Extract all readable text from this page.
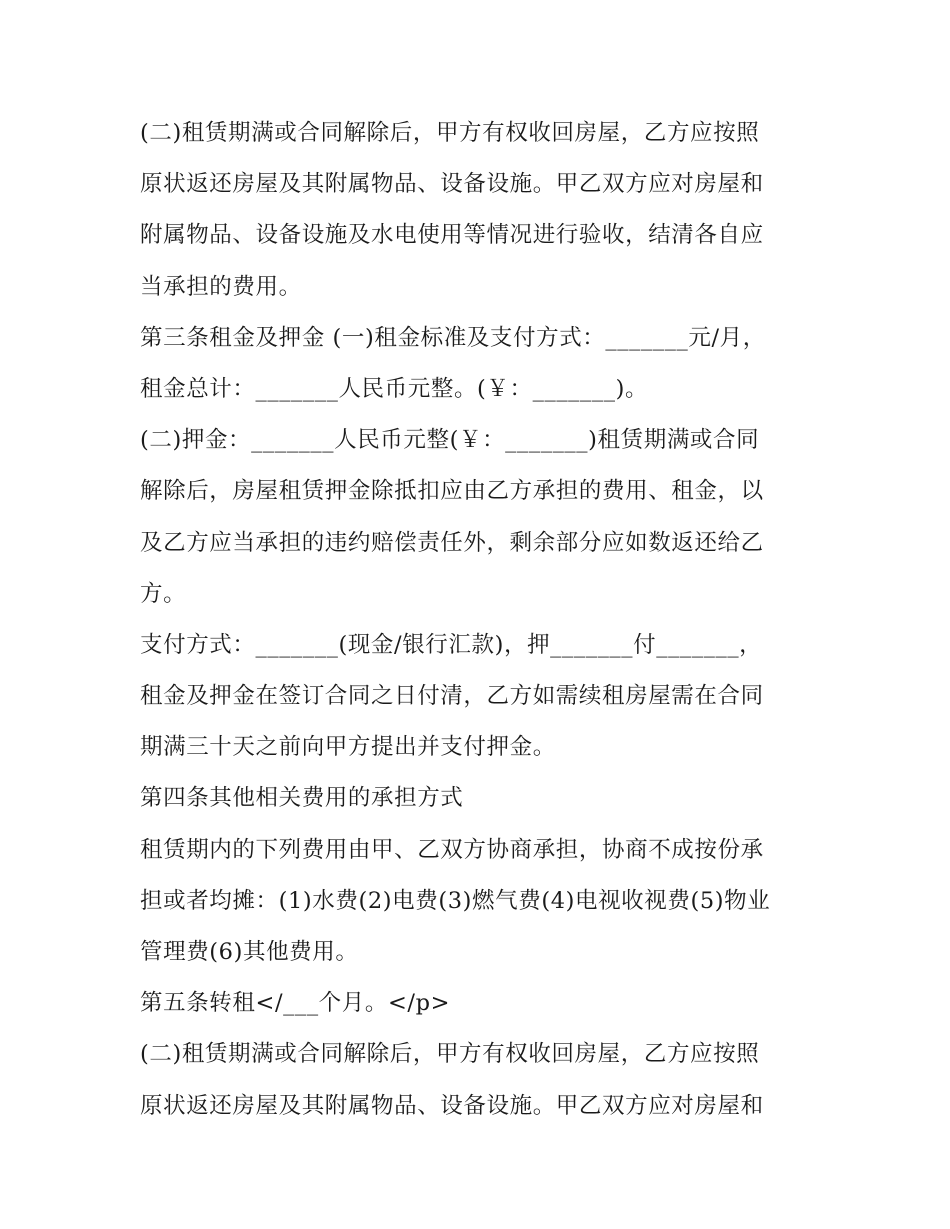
(二)租赁期满或合同解除后，甲方有权收回房屋，乙方应按照
原状返还房屋及其附属物品、设备设施。甲乙双方应对房屋和
附属物品、设备设施及水电使用等情况进行验收，结清各自应
当承担的费用。
第三条租金及押金 (一)租金标准及支付方式：_______元/月，
租金总计：_______人民币元整。(￥：_______)。
(二)押金：_______人民币元整(￥：_______)租赁期满或合同
解除后，房屋租赁押金除抵扣应由乙方承担的费用、租金，以
及乙方应当承担的违约赔偿责任外，剩余部分应如数返还给乙
方。
支付方式：_______(现金/银行汇款)，押_______付_______，
租金及押金在签订合同之日付清，乙方如需续租房屋需在合同
期满三十天之前向甲方提出并支付押金。
第四条其他相关费用的承担方式
租赁期内的下列费用由甲、乙双方协商承担，协商不成按份承
担或者均摊：(1)水费(2)电费(3)燃气费(4)电视收视费(5)物业
管理费(6)其他费用。
第五条转租</___个月。</p>
(二)租赁期满或合同解除后，甲方有权收回房屋，乙方应按照
原状返还房屋及其附属物品、设备设施。甲乙双方应对房屋和
